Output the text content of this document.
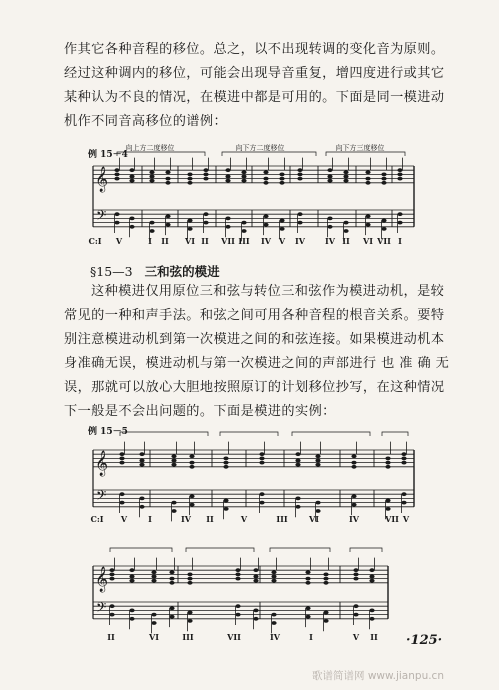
作其它各种音程的移位。总之，以不出现转调的变化音为原则。
经过这种调内的移位，可能会出现导音重复，增四度进行或其它
某种认为不良的情况，在模进中都是可用的。下面是同一模进动
机作不同音高移位的谱例：

例 15－4
𝄞
𝄢
C:I V	I II VI II VII III IV V IV	IV II VI VII I
向上方二度移位	向下方二度移位	向下方三度移位
§15—3 三和弦的模进

这种模进仅用原位三和弦与转位三和弦作为模进动机，是较
常见的一种和声手法。和弦之间可用各种音程的根音关系。要特
别注意模进动机到第一次模进之间的和弦连接。如果模进动机本
身准确无误，模进动机与第一次模进之间的声部进行 也 准 确 无
误，那就可以放心大胆地按照原订的计划移位抄写，在这种情况
下一般是不会出问题的。下面是模进的实例：

例 15－5
𝄞
𝄢
C:I V	I	IV II	V	III	VI	IV	VII V
𝄞
𝄢
II	VI	III	VII	IV	I	V II ·125·
歌谱简谱网 www.jianpu.cn
